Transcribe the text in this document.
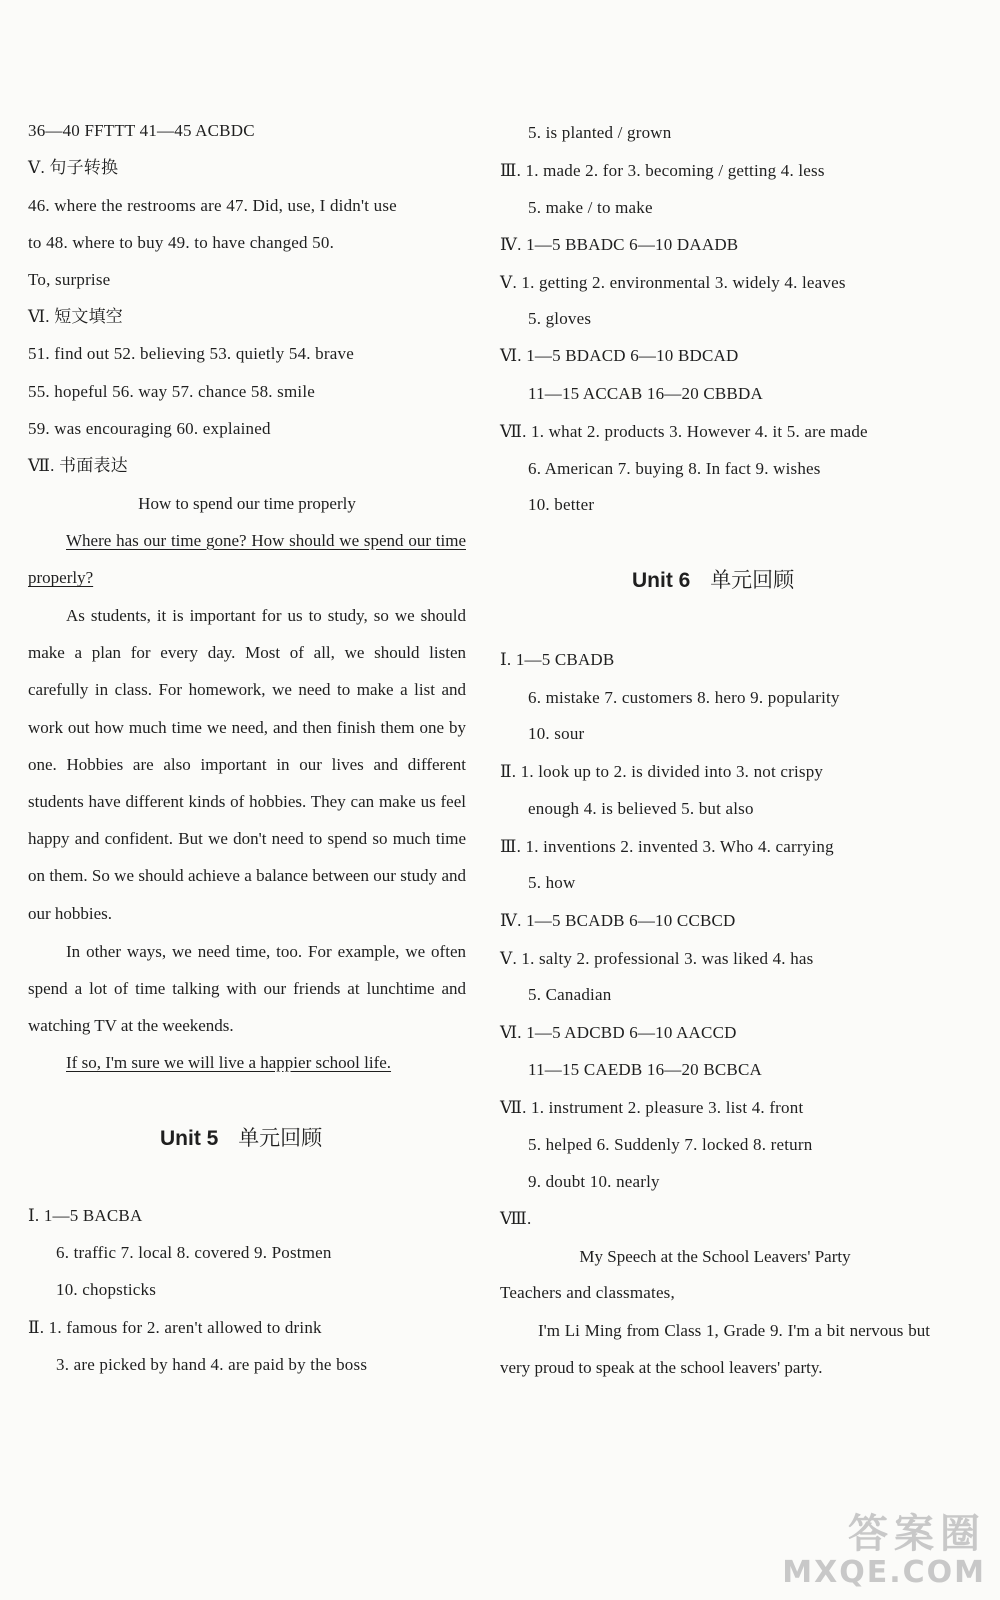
36—40 FFTTT 41—45 ACBDC
Ⅴ. 句子转换
46. where the restrooms are 47. Did, use, I didn't use
to 48. where to buy 49. to have changed 50.
To, surprise
Ⅵ. 短文填空
51. find out 52. believing 53. quietly 54. brave
55. hopeful 56. way 57. chance 58. smile
59. was encouraging 60. explained
Ⅶ. 书面表达
How to spend our time properly
Where has our time gone? How should we spend our time properly?
As students, it is important for us to study, so we should make a plan for every day. Most of all, we should listen carefully in class. For homework, we need to make a list and work out how much time we need, and then finish them one by one. Hobbies are also important in our lives and different students have different kinds of hobbies. They can make us feel happy and confident. But we don't need to spend so much time on them. So we should achieve a balance between our study and our hobbies.
In other ways, we need time, too. For example, we often spend a lot of time talking with our friends at lunchtime and watching TV at the weekends.
If so, I'm sure we will live a happier school life.
Unit 5 单元回顾
Ⅰ. 1—5 BACBA
6. traffic 7. local 8. covered 9. Postmen
10. chopsticks
Ⅱ. 1. famous for 2. aren't allowed to drink
3. are picked by hand 4. are paid by the boss
5. is planted / grown
Ⅲ. 1. made 2. for 3. becoming / getting 4. less
5. make / to make
Ⅳ. 1—5 BBADC 6—10 DAADB
Ⅴ. 1. getting 2. environmental 3. widely 4. leaves
5. gloves
Ⅵ. 1—5 BDACD 6—10 BDCAD
11—15 ACCAB 16—20 CBBDA
Ⅶ. 1. what 2. products 3. However 4. it 5. are made
6. American 7. buying 8. In fact 9. wishes
10. better
Unit 6 单元回顾
Ⅰ. 1—5 CBADB
6. mistake 7. customers 8. hero 9. popularity
10. sour
Ⅱ. 1. look up to 2. is divided into 3. not crispy
enough 4. is believed 5. but also
Ⅲ. 1. inventions 2. invented 3. Who 4. carrying
5. how
Ⅳ. 1—5 BCADB 6—10 CCBCD
Ⅴ. 1. salty 2. professional 3. was liked 4. has
5. Canadian
Ⅵ. 1—5 ADCBD 6—10 AACCD
11—15 CAEDB 16—20 BCBCA
Ⅶ. 1. instrument 2. pleasure 3. list 4. front
5. helped 6. Suddenly 7. locked 8. return
9. doubt 10. nearly
Ⅷ.
My Speech at the School Leavers' Party
Teachers and classmates,
I'm Li Ming from Class 1, Grade 9. I'm a bit nervous but very proud to speak at the school leavers' party.
答案圈
MXQE.COM
